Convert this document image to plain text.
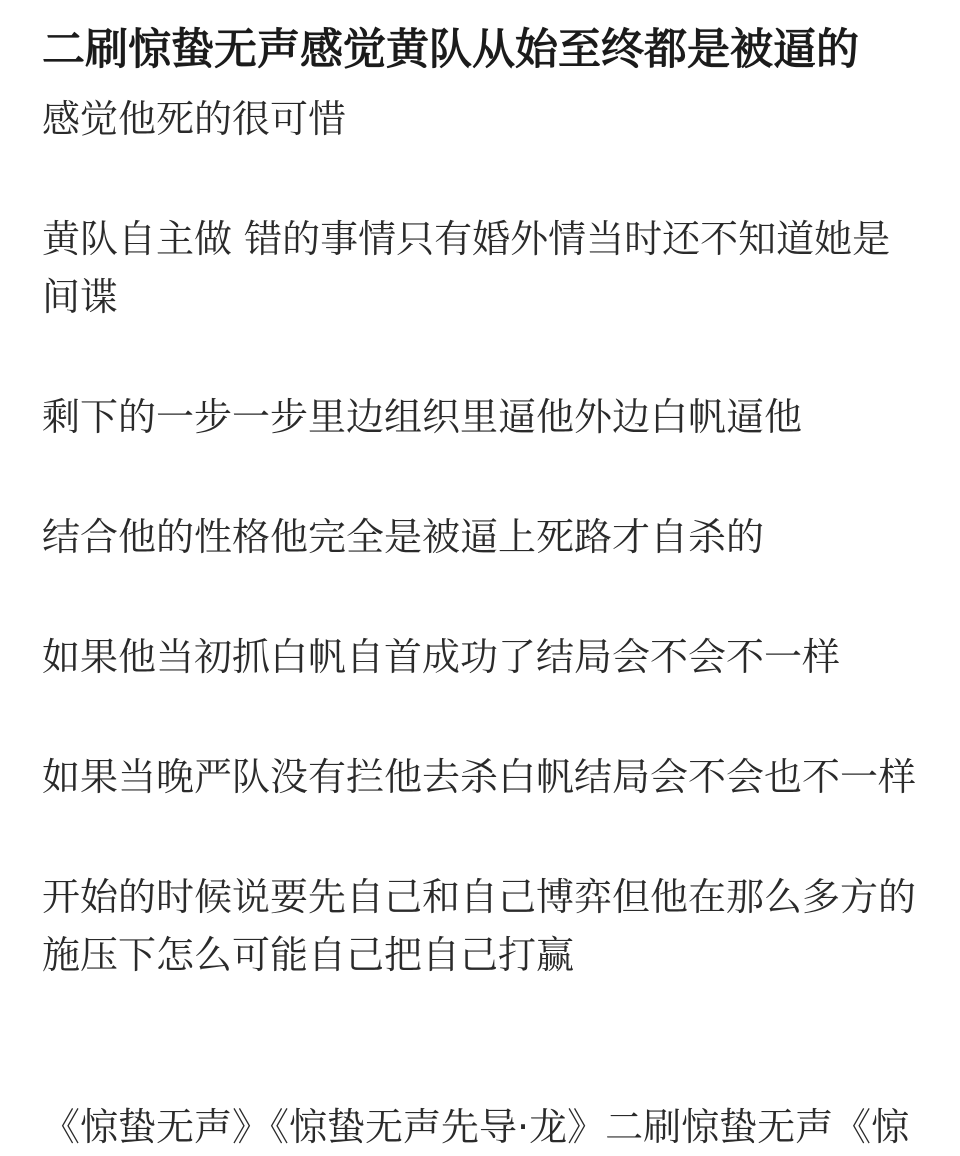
二刷惊蛰无声感觉黄队从始至终都是被逼的

感觉他死的很可惜

黄队自主做 错的事情只有婚外情当时还不知道她是间谍

剩下的一步一步里边组织里逼他外边白帆逼他

结合他的性格他完全是被逼上死路才自杀的

如果他当初抓白帆自首成功了结局会不会不一样

如果当晚严队没有拦他去杀白帆结局会不会也不一样

开始的时候说要先自己和自己博弈但他在那么多方的施压下怎么可能自己把自己打赢

《惊蛰无声》《惊蛰无声先导·龙》二刷惊蛰无声《惊
